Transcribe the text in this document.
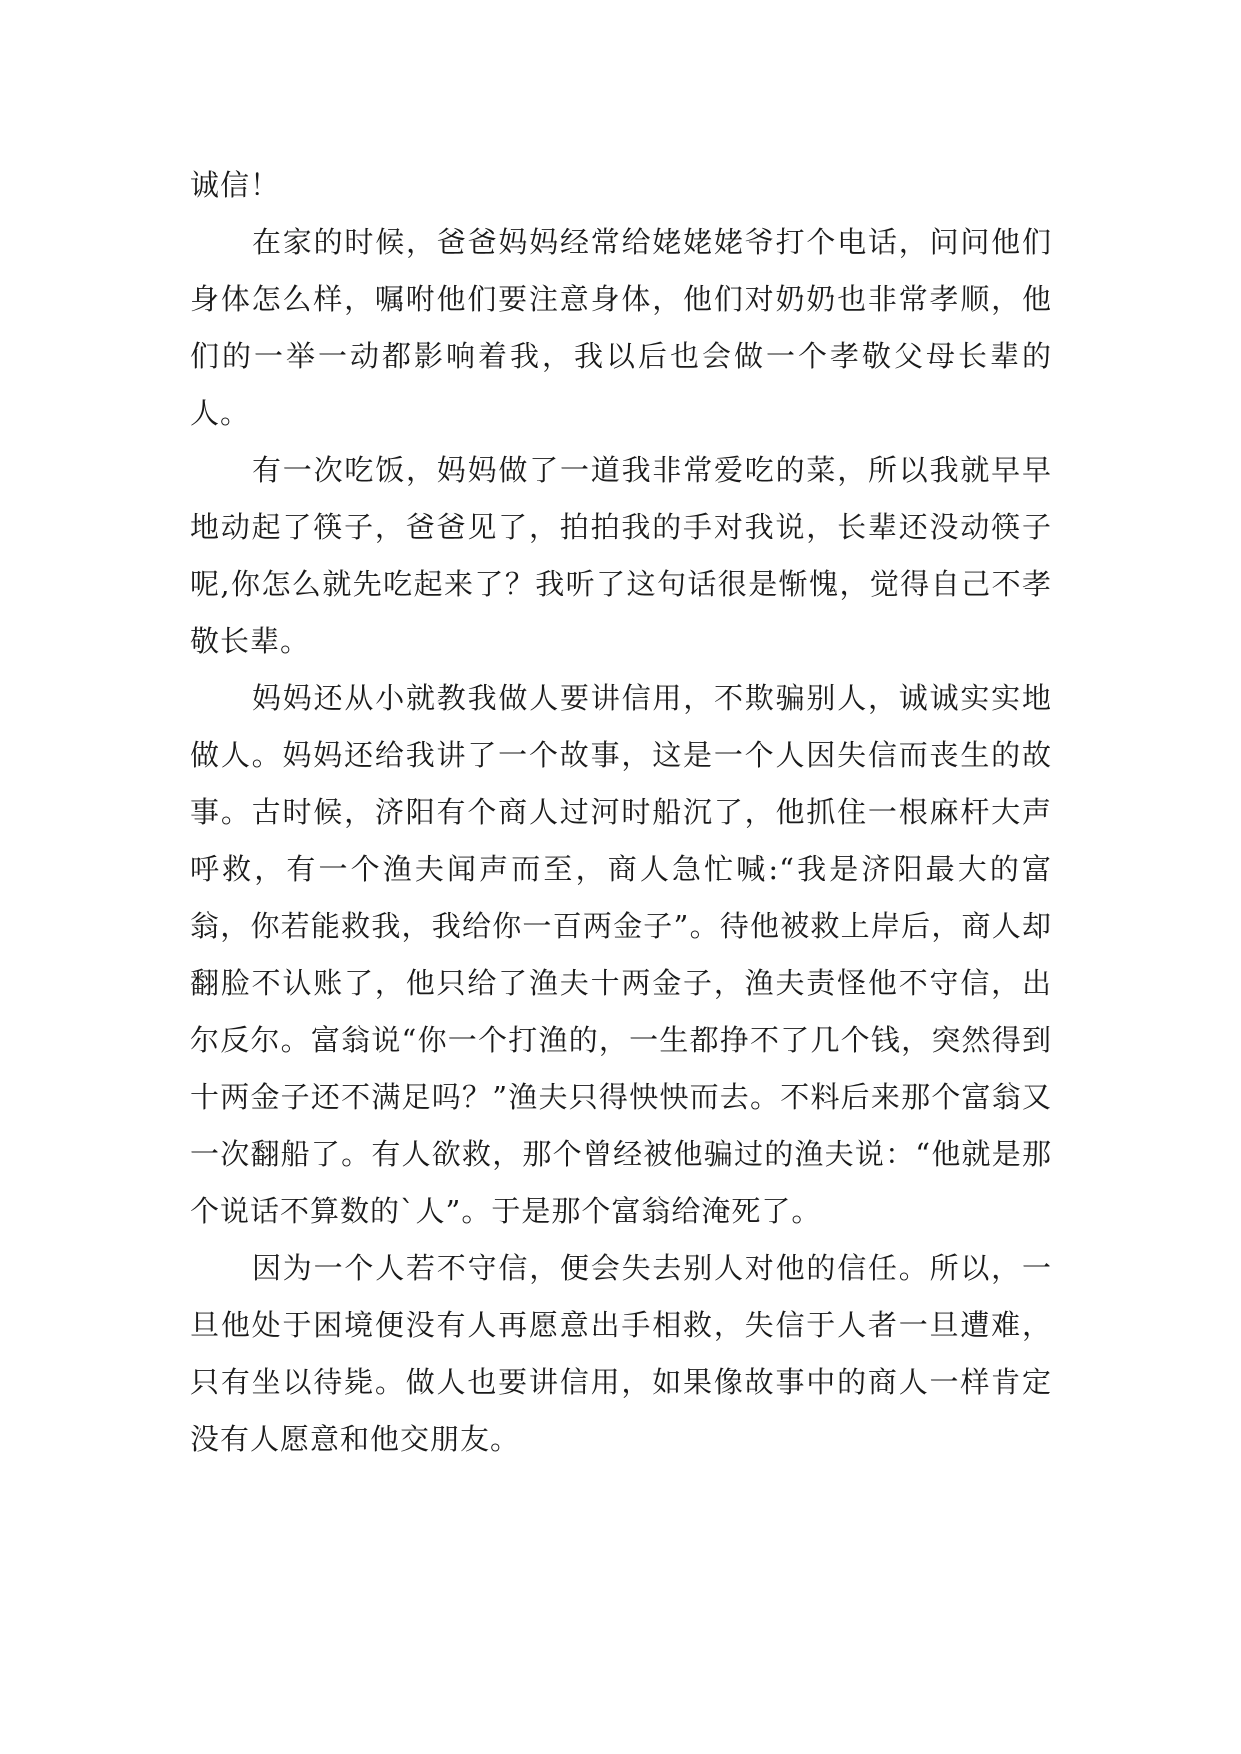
诚信！

在家的时候，爸爸妈妈经常给姥姥姥爷打个电话，问问他们身体怎么样，嘱咐他们要注意身体，他们对奶奶也非常孝顺，他们的一举一动都影响着我，我以后也会做一个孝敬父母长辈的人。

有一次吃饭，妈妈做了一道我非常爱吃的菜，所以我就早早地动起了筷子，爸爸见了，拍拍我的手对我说，长辈还没动筷子呢,你怎么就先吃起来了？我听了这句话很是惭愧，觉得自己不孝敬长辈。

妈妈还从小就教我做人要讲信用，不欺骗别人，诚诚实实地做人。妈妈还给我讲了一个故事，这是一个人因失信而丧生的故事。古时候，济阳有个商人过河时船沉了，他抓住一根麻杆大声呼救，有一个渔夫闻声而至，商人急忙喊:“我是济阳最大的富翁，你若能救我，我给你一百两金子”。待他被救上岸后，商人却翻脸不认账了，他只给了渔夫十两金子，渔夫责怪他不守信，出尔反尔。富翁说“你一个打渔的，一生都挣不了几个钱，突然得到十两金子还不满足吗？”渔夫只得怏怏而去。不料后来那个富翁又一次翻船了。有人欲救，那个曾经被他骗过的渔夫说：“他就是那个说话不算数的`人”。于是那个富翁给淹死了。

因为一个人若不守信，便会失去别人对他的信任。所以，一旦他处于困境便没有人再愿意出手相救，失信于人者一旦遭难，只有坐以待毙。做人也要讲信用，如果像故事中的商人一样肯定没有人愿意和他交朋友。
